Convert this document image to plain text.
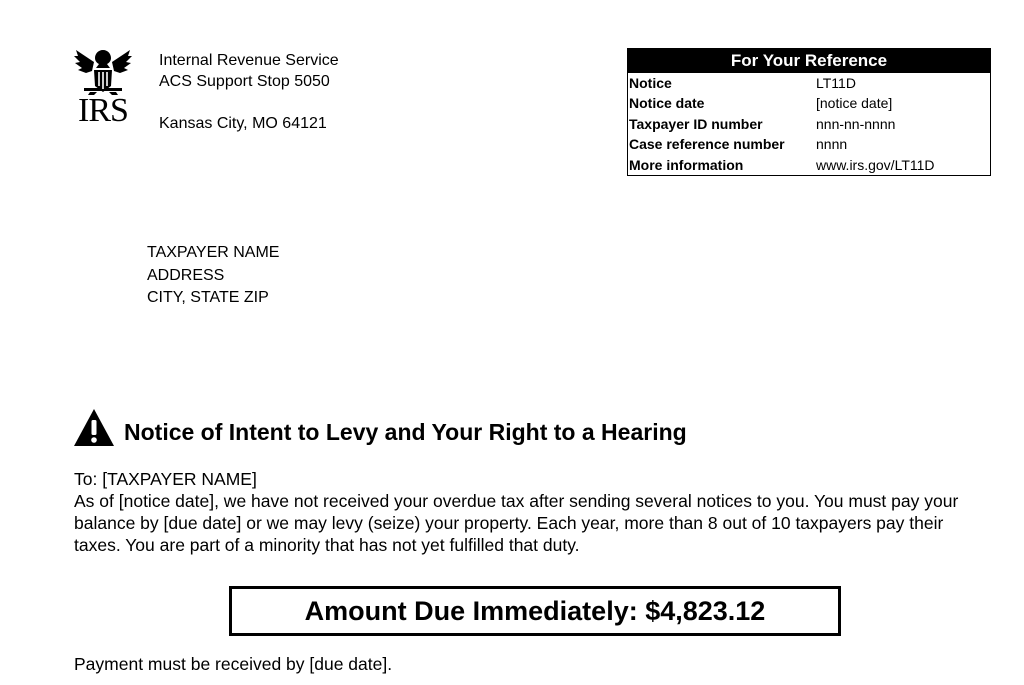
IRS
Internal Revenue Service
ACS Support Stop 5050
Kansas City, MO 64121
For Your Reference
Notice	LT11D
Notice date	[notice date]
Taxpayer ID number	nnn-nn-nnnn
Case reference number	nnnn
More information	www.irs.gov/LT11D
TAXPAYER NAME
ADDRESS
CITY, STATE ZIP
Notice of Intent to Levy and Your Right to a Hearing
To: [TAXPAYER NAME]
As of [notice date], we have not received your overdue tax after sending several notices to you. You must pay your balance by [due date] or we may levy (seize) your property. Each year, more than 8 out of 10 taxpayers pay their taxes. You are part of a minority that has not yet fulfilled that duty.
Amount Due Immediately: $4,823.12
Payment must be received by [due date].
